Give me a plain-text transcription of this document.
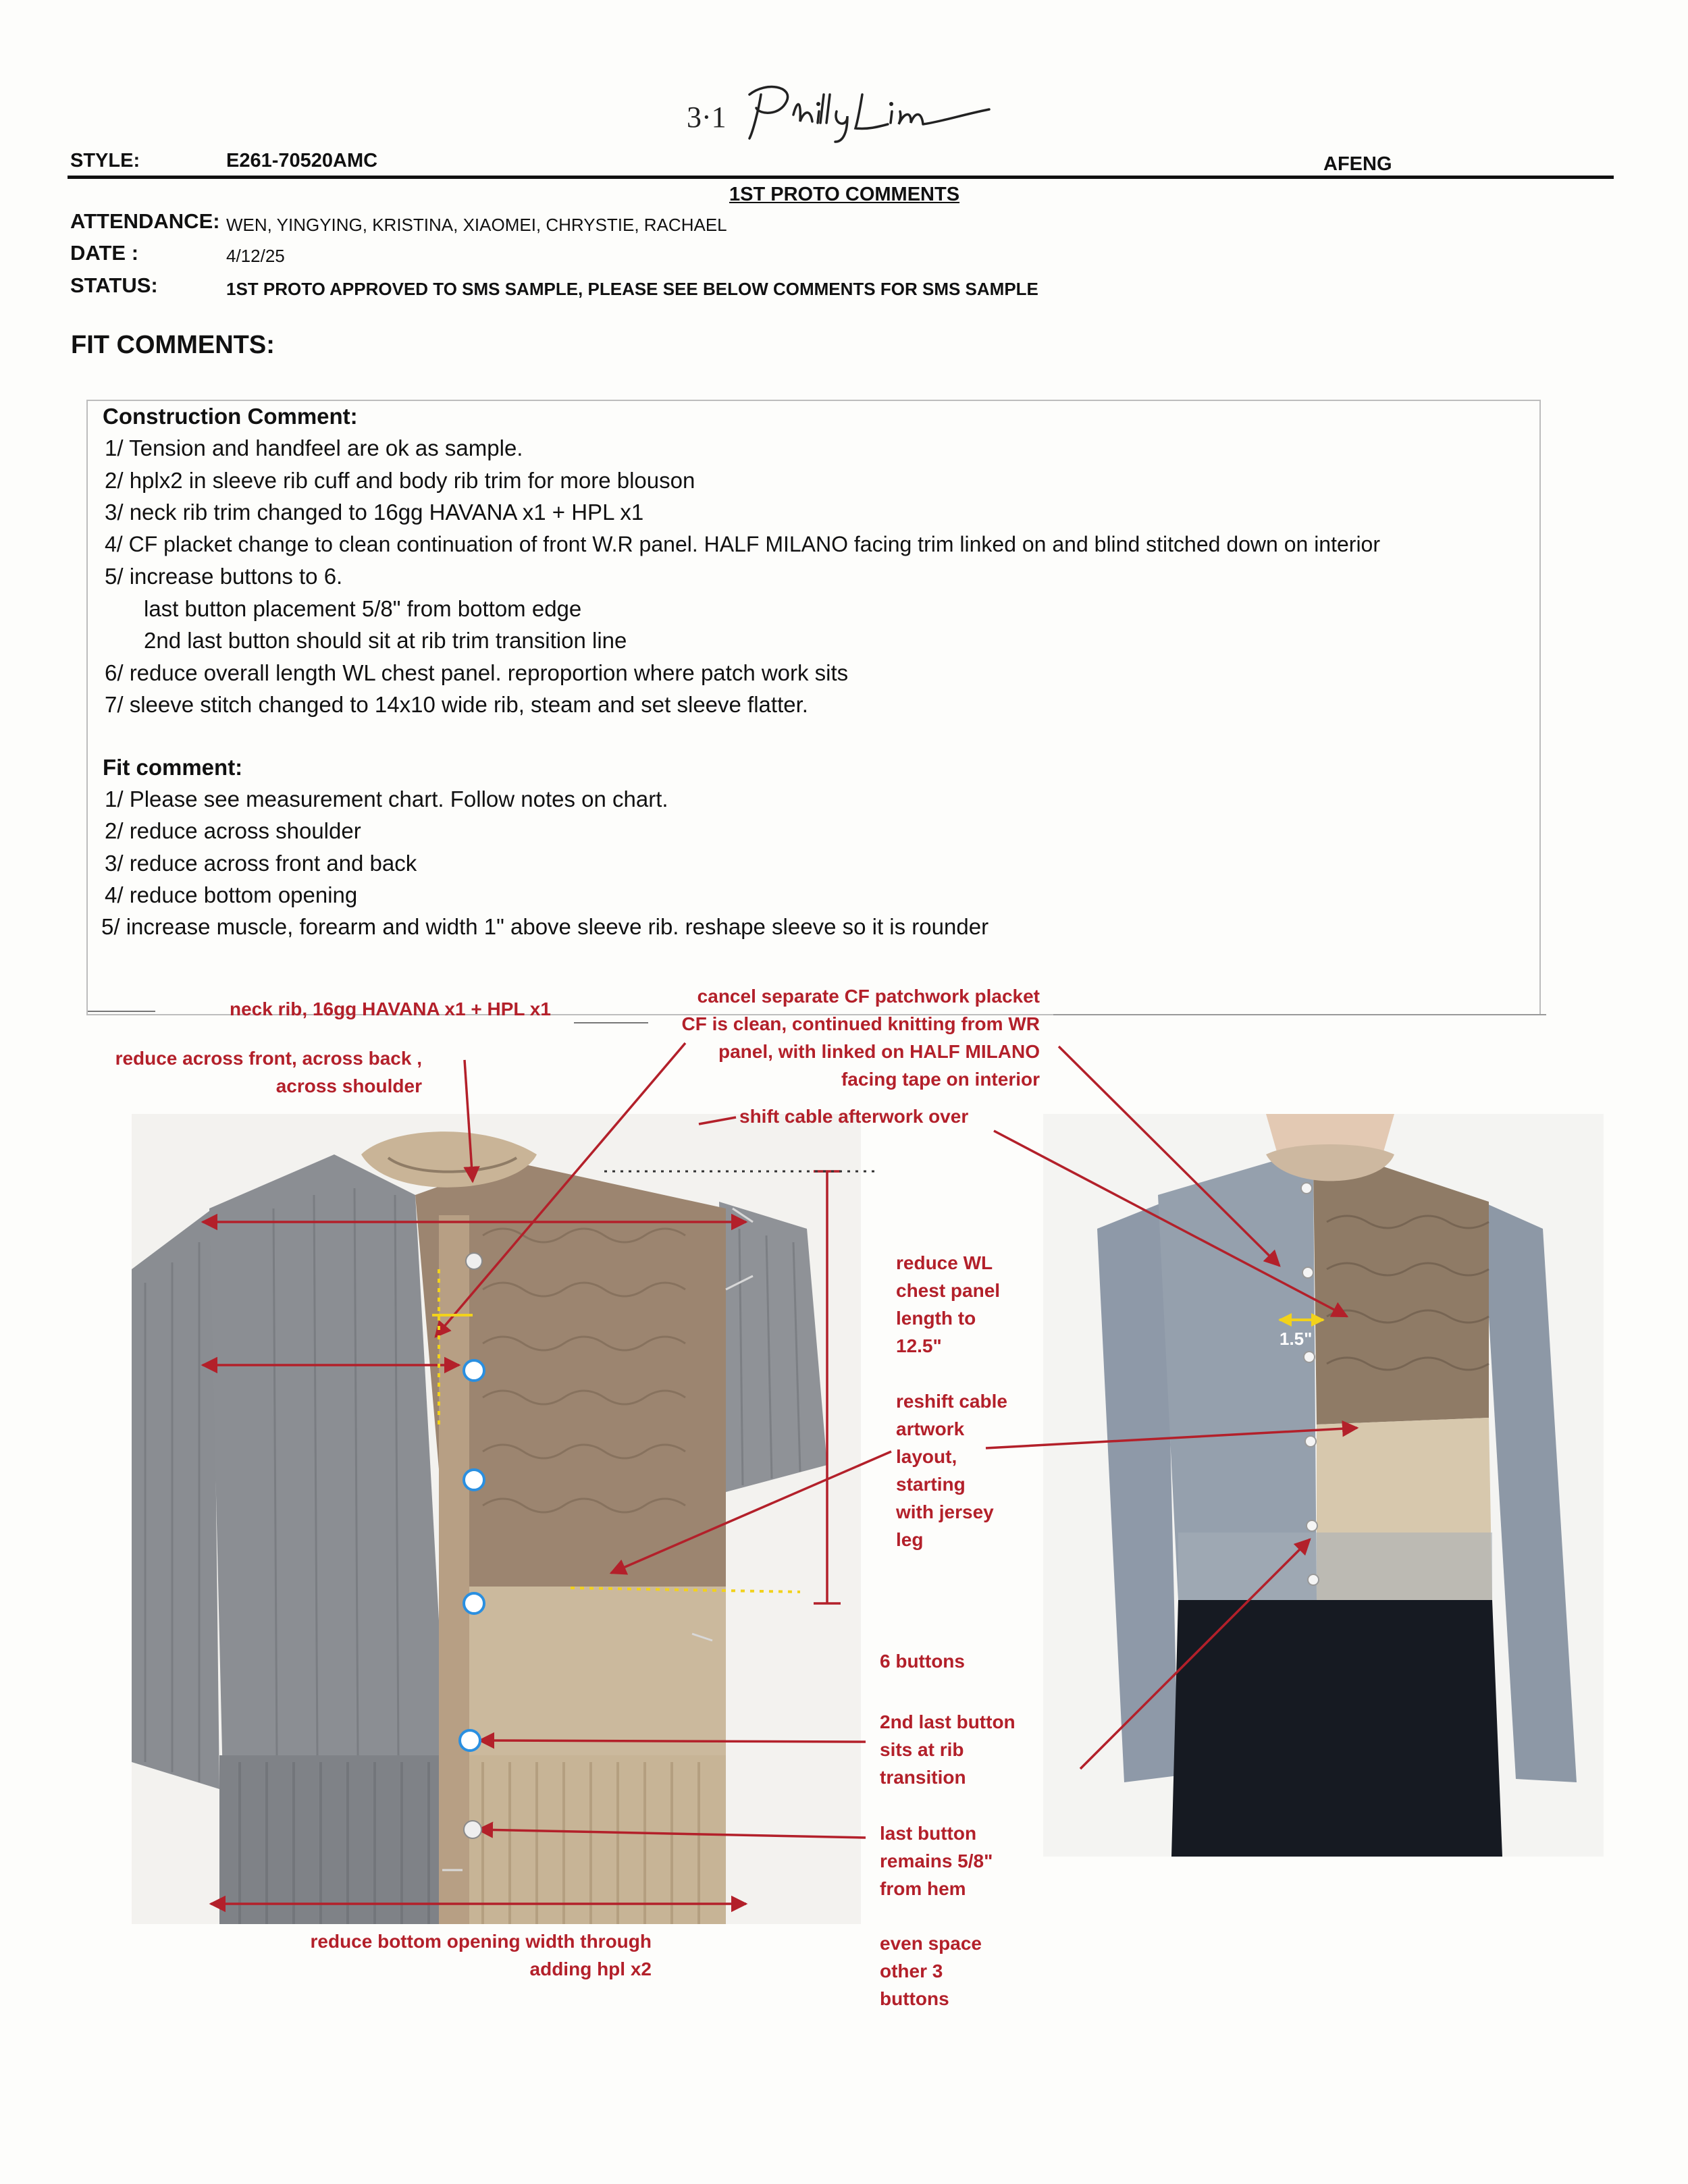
3·1
STYLE:	E261-70520AMC	AFENG
1ST PROTO COMMENTS
ATTENDANCE: WEN, YINGYING, KRISTINA, XIAOMEI, CHRYSTIE, RACHAEL
DATE :	4/12/25
STATUS:	1ST PROTO APPROVED TO SMS SAMPLE, PLEASE SEE BELOW COMMENTS FOR SMS SAMPLE
FIT COMMENTS:
Construction Comment:
1/ Tension and handfeel are ok as sample.
2/ hplx2 in sleeve rib cuff and body rib trim for more blouson
3/ neck rib trim changed to 16gg HAVANA x1 + HPL x1
4/ CF placket change to clean continuation of front W.R panel. HALF MILANO facing trim linked on and blind stitched down on interior
5/ increase buttons to 6.
last button placement 5/8" from bottom edge
2nd last button should sit at rib trim transition line
6/ reduce overall length WL chest panel. reproportion where patch work sits
7/ sleeve stitch changed to 14x10 wide rib, steam and set sleeve flatter.
Fit comment:
1/ Please see measurement chart. Follow notes on chart.
2/ reduce across shoulder
3/ reduce across front and back
4/ reduce bottom opening
5/ increase muscle, forearm and width 1" above sleeve rib. reshape sleeve so it is rounder
1.5"
neck rib, 16gg HAVANA x1 + HPL x1
cancel separate CF patchwork placket
CF is clean, continued knitting from WR
panel, with linked on HALF MILANO
facing tape on interior
reduce across front, across back ,
across shoulder
shift cable afterwork over
reduce WL
chest panel
length to
12.5"
reshift cable
artwork
layout,
starting
with jersey
leg
6 buttons
2nd last button
sits at rib
transition
last button
remains 5/8"
from hem
even space
other 3
buttons
reduce bottom opening width through
adding hpl x2
